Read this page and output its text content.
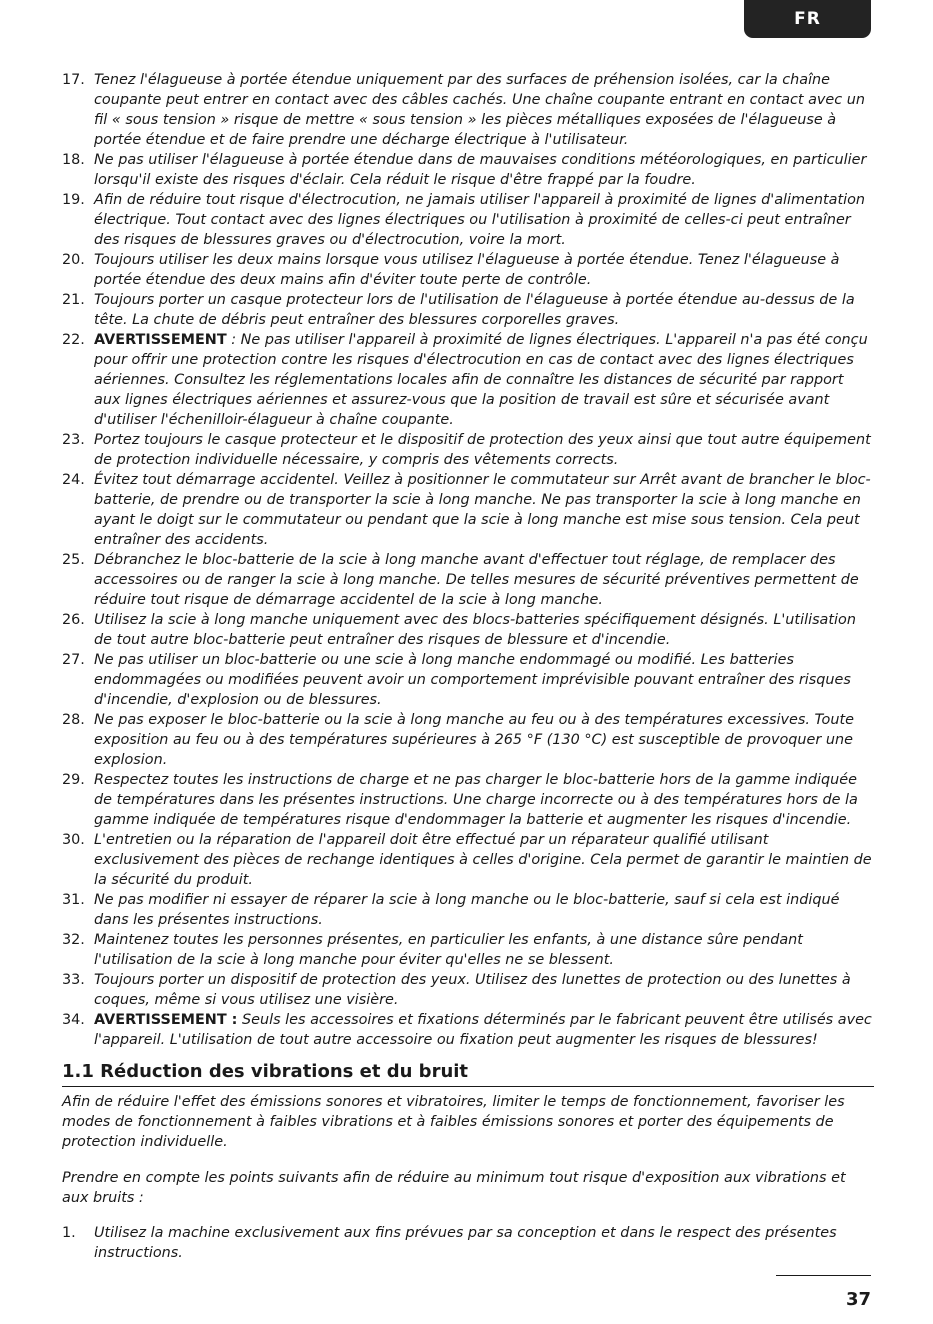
FR
17. Tenez l'élagueuse à portée étendue uniquement par des surfaces de préhension isolées, car la chaîne coupante peut entrer en contact avec des câbles cachés. Une chaîne coupante entrant en contact avec un fil « sous tension » risque de mettre « sous tension » les pièces métalliques exposées de l'élagueuse à portée étendue et de faire prendre une décharge électrique à l'utilisateur.
18. Ne pas utiliser l'élagueuse à portée étendue dans de mauvaises conditions météorologiques, en particulier lorsqu'il existe des risques d'éclair. Cela réduit le risque d'être frappé par la foudre.
19. Afin de réduire tout risque d'électrocution, ne jamais utiliser l'appareil à proximité de lignes d'alimentation électrique. Tout contact avec des lignes électriques ou l'utilisation à proximité de celles-ci peut entraîner des risques de blessures graves ou d'électrocution, voire la mort.
20. Toujours utiliser les deux mains lorsque vous utilisez l'élagueuse à portée étendue. Tenez l'élagueuse à portée étendue des deux mains afin d'éviter toute perte de contrôle.
21. Toujours porter un casque protecteur lors de l'utilisation de l'élagueuse à portée étendue au-dessus de la tête. La chute de débris peut entraîner des blessures corporelles graves.
22. AVERTISSEMENT : Ne pas utiliser l'appareil à proximité de lignes électriques. L'appareil n'a pas été conçu pour offrir une protection contre les risques d'électrocution en cas de contact avec des lignes électriques aériennes. Consultez les réglementations locales afin de connaître les distances de sécurité par rapport aux lignes électriques aériennes et assurez-vous que la position de travail est sûre et sécurisée avant d'utiliser l'échenilloir-élagueur à chaîne coupante.
23. Portez toujours le casque protecteur et le dispositif de protection des yeux ainsi que tout autre équipement de protection individuelle nécessaire, y compris des vêtements corrects.
24. Évitez tout démarrage accidentel. Veillez à positionner le commutateur sur Arrêt avant de brancher le bloc-batterie, de prendre ou de transporter la scie à long manche. Ne pas transporter la scie à long manche en ayant le doigt sur le commutateur ou pendant que la scie à long manche est mise sous tension. Cela peut entraîner des accidents.
25. Débranchez le bloc-batterie de la scie à long manche avant d'effectuer tout réglage, de remplacer des accessoires ou de ranger la scie à long manche. De telles mesures de sécurité préventives permettent de réduire tout risque de démarrage accidentel de la scie à long manche.
26. Utilisez la scie à long manche uniquement avec des blocs-batteries spécifiquement désignés. L'utilisation de tout autre bloc-batterie peut entraîner des risques de blessure et d'incendie.
27. Ne pas utiliser un bloc-batterie ou une scie à long manche endommagé ou modifié. Les batteries endommagées ou modifiées peuvent avoir un comportement imprévisible pouvant entraîner des risques d'incendie, d'explosion ou de blessures.
28. Ne pas exposer le bloc-batterie ou la scie à long manche au feu ou à des températures excessives. Toute exposition au feu ou à des températures supérieures à 265 °F (130 °C) est susceptible de provoquer une explosion.
29. Respectez toutes les instructions de charge et ne pas charger le bloc-batterie hors de la gamme indiquée de températures dans les présentes instructions. Une charge incorrecte ou à des températures hors de la gamme indiquée de températures risque d'endommager la batterie et augmenter les risques d'incendie.
30. L'entretien ou la réparation de l'appareil doit être effectué par un réparateur qualifié utilisant exclusivement des pièces de rechange identiques à celles d'origine. Cela permet de garantir le maintien de la sécurité du produit.
31. Ne pas modifier ni essayer de réparer la scie à long manche ou le bloc-batterie, sauf si cela est indiqué dans les présentes instructions.
32. Maintenez toutes les personnes présentes, en particulier les enfants, à une distance sûre pendant l'utilisation de la scie à long manche pour éviter qu'elles ne se blessent.
33. Toujours porter un dispositif de protection des yeux. Utilisez des lunettes de protection ou des lunettes à coques, même si vous utilisez une visière.
34. AVERTISSEMENT : Seuls les accessoires et fixations déterminés par le fabricant peuvent être utilisés avec l'appareil. L'utilisation de tout autre accessoire ou fixation peut augmenter les risques de blessures!
1.1 Réduction des vibrations et du bruit

Afin de réduire l'effet des émissions sonores et vibratoires, limiter le temps de fonctionnement, favoriser les modes de fonctionnement à faibles vibrations et à faibles émissions sonores et porter des équipements de protection individuelle.

Prendre en compte les points suivants afin de réduire au minimum tout risque d'exposition aux vibrations et aux bruits :

1. Utilisez la machine exclusivement aux fins prévues par sa conception et dans le respect des présentes instructions.
37
